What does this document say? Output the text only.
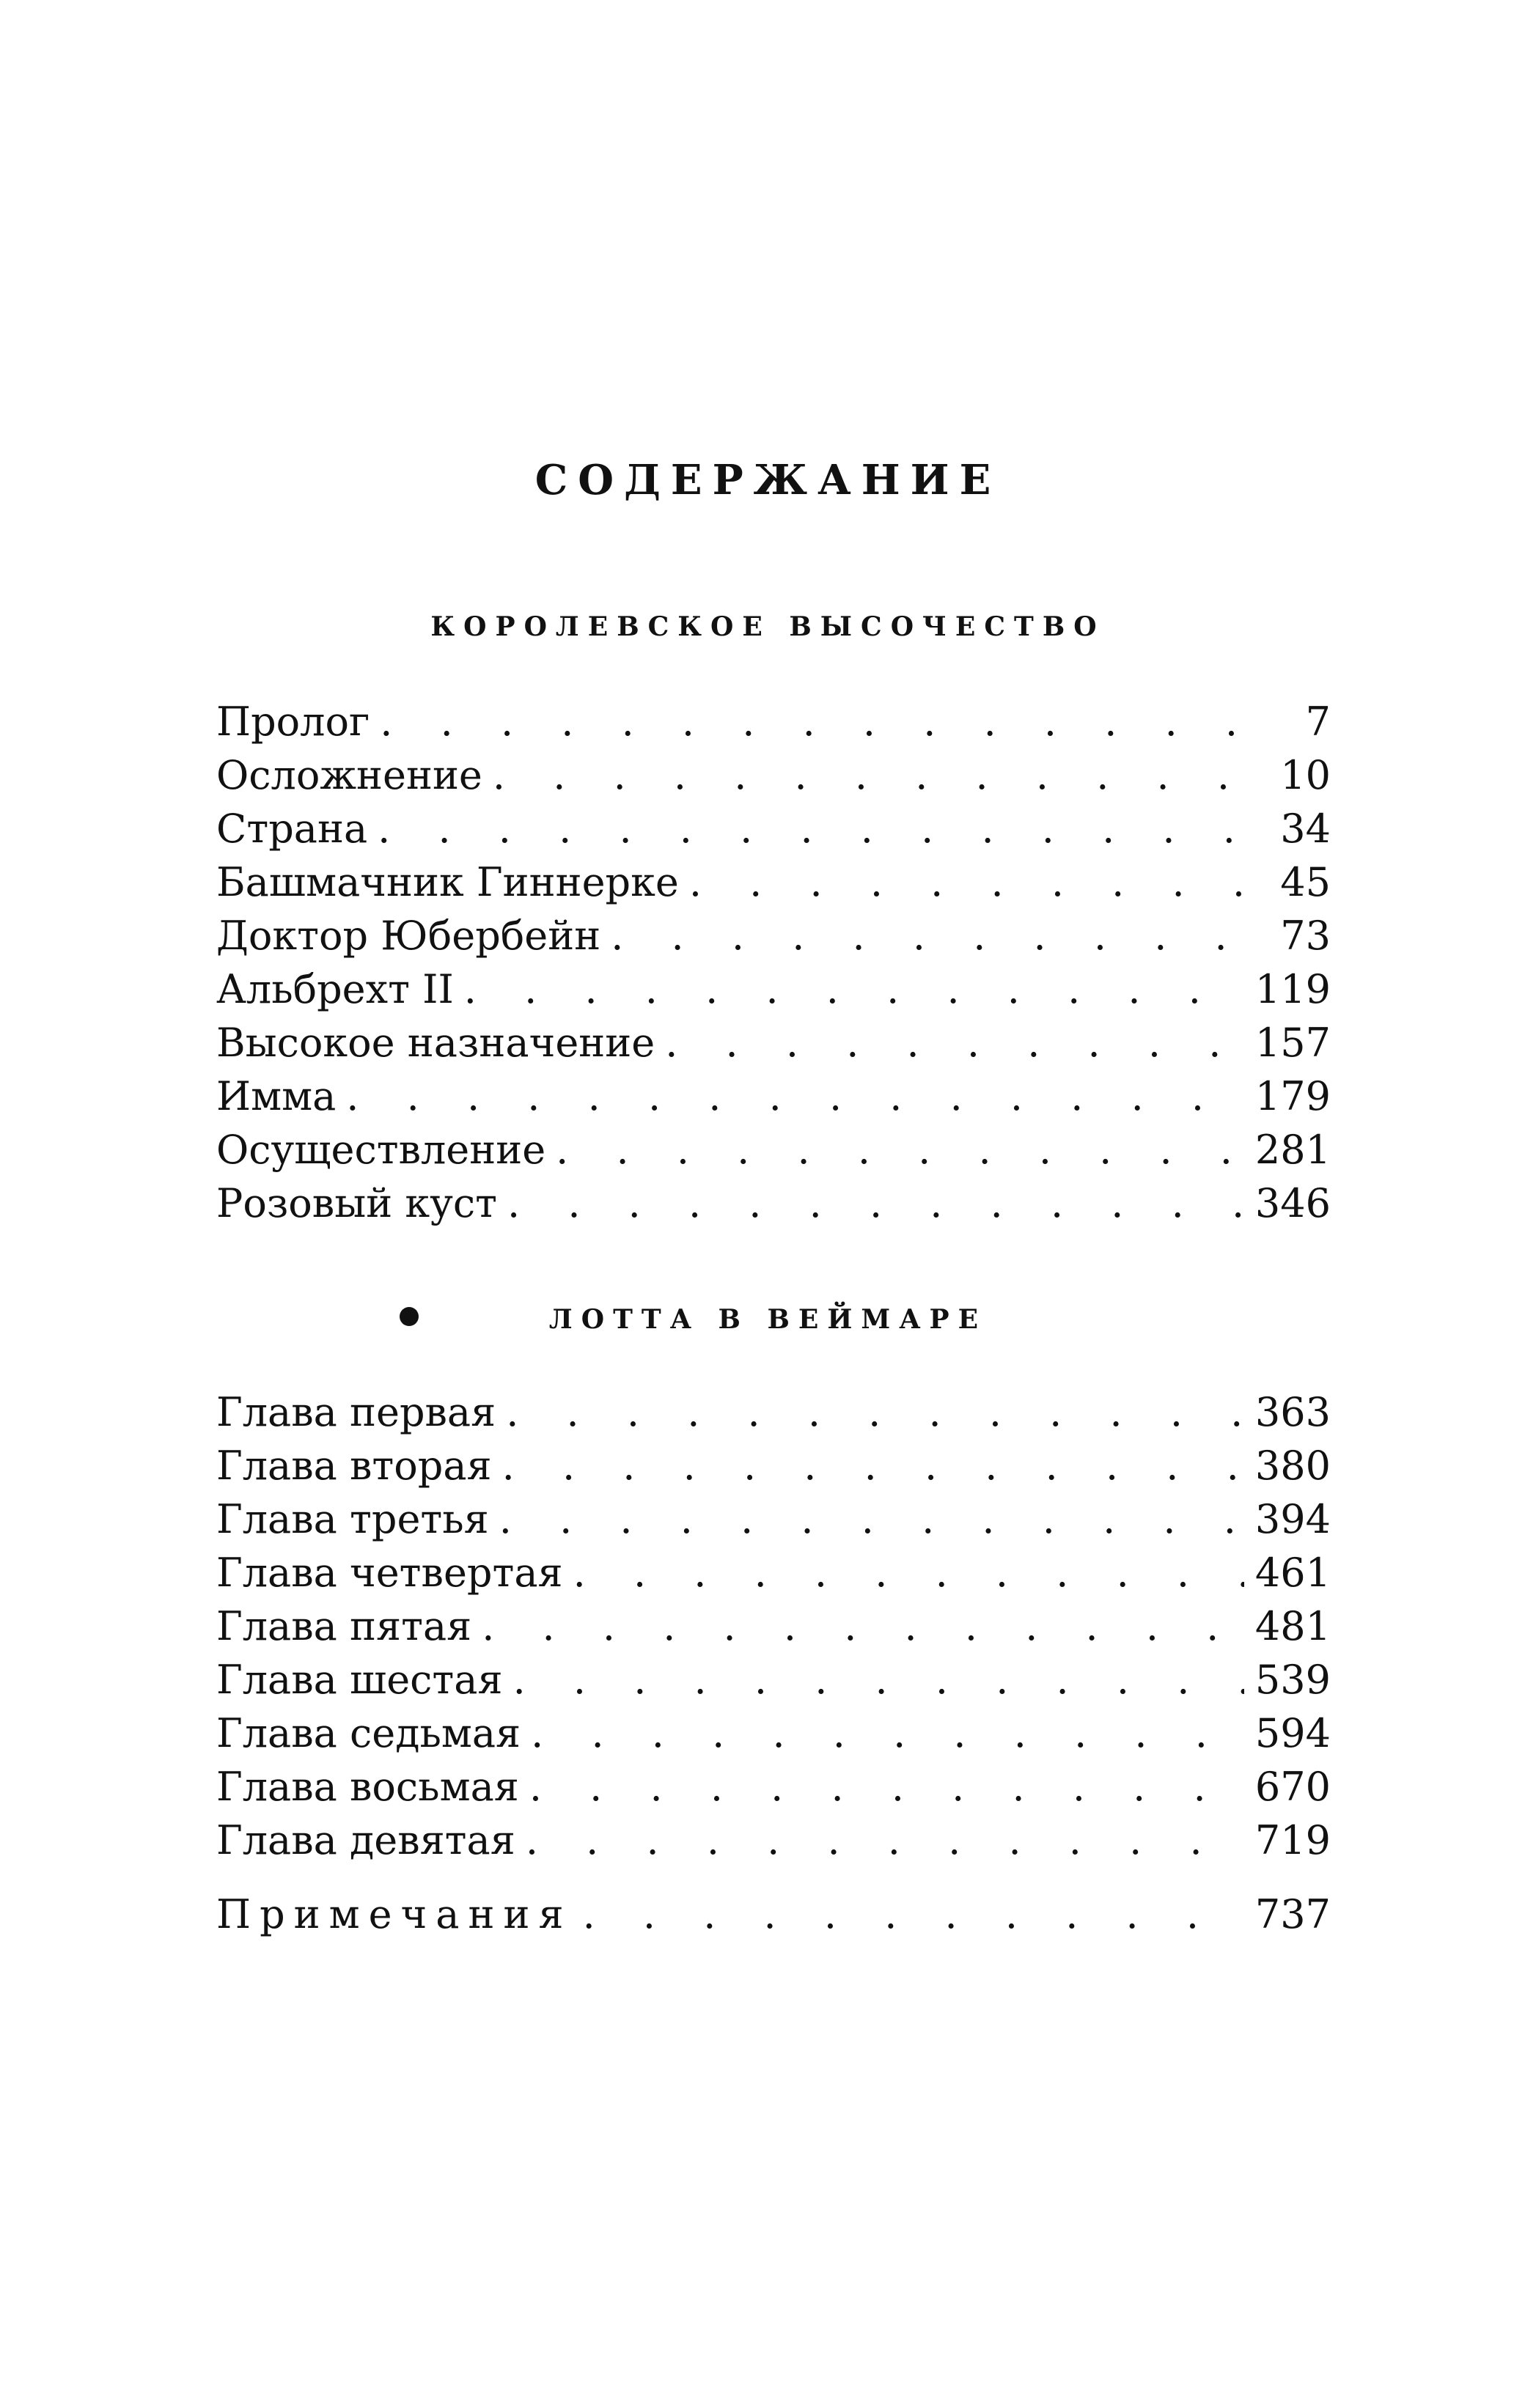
СОДЕРЖАНИЕ
КОРОЛЕВСКОЕ ВЫСОЧЕСТВО
Пролог . . .	7
Осложнение . . .	10
Страна . . .	34
Башмачник Гиннерке . . .	45
Доктор Юбербейн . . .	73
Альбрехт II . . .	119
Высокое назначение . . .	157
Имма . . .	179
Осуществление . . .	281
Розовый куст . . .	346
ЛОТТА В ВЕЙМАРЕ
Глава первая . . .	363
Глава вторая . . .	380
Глава третья . . .	394
Глава четвертая . . .	461
Глава пятая . . .	481
Глава шестая . . .	539
Глава седьмая . . .	594
Глава восьмая . . .	670
Глава девятая . . .	719
Примечания . . .	737
